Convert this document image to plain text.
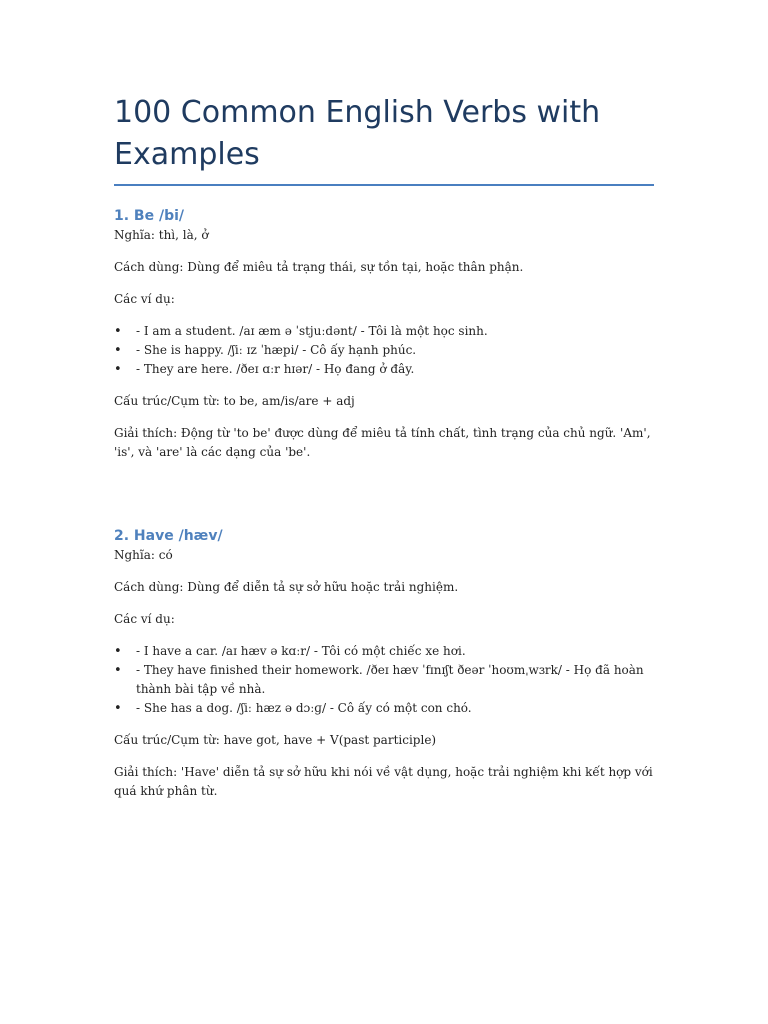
100 Common English Verbs with Examples
1. Be /bi/

Nghĩa: thì, là, ở

Cách dùng: Dùng để miêu tả trạng thái, sự tồn tại, hoặc thân phận.

Các ví dụ:

• - I am a student. /aɪ æm ə ˈstjuːdənt/ - Tôi là một học sinh.
• - She is happy. /ʃiː ɪz ˈhæpi/ - Cô ấy hạnh phúc.
• - They are here. /ðeɪ ɑːr hɪər/ - Họ đang ở đây.

Cấu trúc/Cụm từ: to be, am/is/are + adj

Giải thích: Động từ 'to be' được dùng để miêu tả tính chất, tình trạng của chủ ngữ. 'Am', 'is', và 'are' là các dạng của 'be'.

2. Have /hæv/

Nghĩa: có

Cách dùng: Dùng để diễn tả sự sở hữu hoặc trải nghiệm.

Các ví dụ:

• - I have a car. /aɪ hæv ə kɑːr/ - Tôi có một chiếc xe hơi.
• - They have finished their homework. /ðeɪ hæv ˈfɪnɪʃt ðeər ˈhoʊmˌwɜrk/ - Họ đã hoàn thành bài tập về nhà.
• - She has a dog. /ʃiː hæz ə dɔːɡ/ - Cô ấy có một con chó.

Cấu trúc/Cụm từ: have got, have + V(past participle)

Giải thích: 'Have' diễn tả sự sở hữu khi nói về vật dụng, hoặc trải nghiệm khi kết hợp với quá khứ phân từ.
